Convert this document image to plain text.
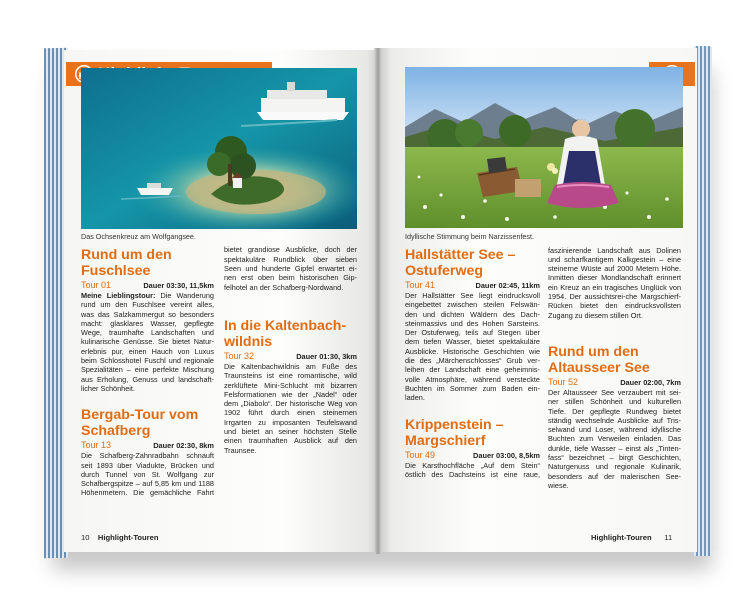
Das Ochsenkreuz am Wolfgangsee.	Idyllische Stimmung beim Narzissenfest.
Rund um den Fuschlsee
Tour 01	Dauer 03:30, 11,5km

Meine Lieblingstour: Die Wanderung rund um den Fuschlsee vereint alles, was das Salzkammergut so besonders macht: glasklares Wasser, gepflegte Wege, traumhafte Landschaften und kulinarische Genüsse. Sie bietet Natur-erlebnis pur, einen Hauch von Luxus beim Schlosshotel Fuschl und regionale Spezialitäten – eine perfekte Mischung aus Erholung, Genuss und landschaft-licher Schönheit.

Bergab-Tour vom Schafberg
Tour 13	Dauer 02:30, 8km

Die Schafberg-Zahnradbahn schnauft seit 1893 über Viadukte, Brücken und durch Tunnel von St. Wolfgang zur Schafbergspitze – auf 5,85 km und 1188 Höhenmetern. Die gemächliche Fahrt

bietet grandiose Ausblicke, doch der spektakuläre Rundblick über sieben Seen und hunderte Gipfel erwartet ei-nen erst oben beim historischen Gip-felhotel an der Schafberg-Nordwand.

In die Kaltenbach-wildnis
Tour 32	Dauer 01:30, 3km

Die Kaltenbachwildnis am Fuße des Traunsteins ist eine romantische, wild zerklüftete Mini-Schlucht mit bizarren Felsformationen wie der „Nadel“ oder dem „Diabolo“. Der historische Weg von 1902 führt durch einen steinernen Irrgarten zu imposanten Teufelswand und bietet an seiner höchsten Stelle einen traumhaften Ausblick auf den Traunsee.

Hallstätter See – Ostuferweg
Tour 41	Dauer 02:45, 11km

Der Hallstätter See liegt eindrucksvoll eingebettet zwischen steilen Felswän-den und dichten Wäldern des Dach-steinmassivs und des Hohen Sarsteins. Der Ostuferweg, teils auf Stegen über dem tiefen Wasser, bietet spektakuläre Ausblicke. Historische Geschichten wie die des „Märchenschlosses“ Grub ver-leihen der Landschaft eine geheimnis-volle Atmosphäre, während versteckte Buchten im Sommer zum Baden ein-laden.

Krippenstein – Margschierf
Tour 49	Dauer 03:00, 8,5km

Die Karsthochfläche „Auf dem Stein“ östlich des Dachsteins ist eine raue,

faszinierende Landschaft aus Dolinen und scharfkantigem Kalkgestein – eine steinerne Wüste auf 2000 Metern Höhe. Inmitten dieser Mondlandschaft erinnert ein Kreuz an ein tragisches Unglück von 1954. Der aussichtsrei-che Margschierf-Rücken bietet den eindrucksvollsten Zugang zu diesem stillen Ort.

Rund um den Altausseer See
Tour 52	Dauer 02:00, 7km

Der Altausseer See verzaubert mit sei-ner stillen Schönheit und kulturellen Tiefe. Der gepflegte Rundweg bietet ständig wechselnde Ausblicke auf Tris-selwand und Loser, während idyllische Buchten zum Verweilen einladen. Das dunkle, tiefe Wasser – einst als „Tinten-fass“ bezeichnet – birgt Geschichten, Naturgenuss und regionale Kulinarik, besonders auf der malerischen See-wiese.

10 Highlight-Touren	Highlight-Touren 11
